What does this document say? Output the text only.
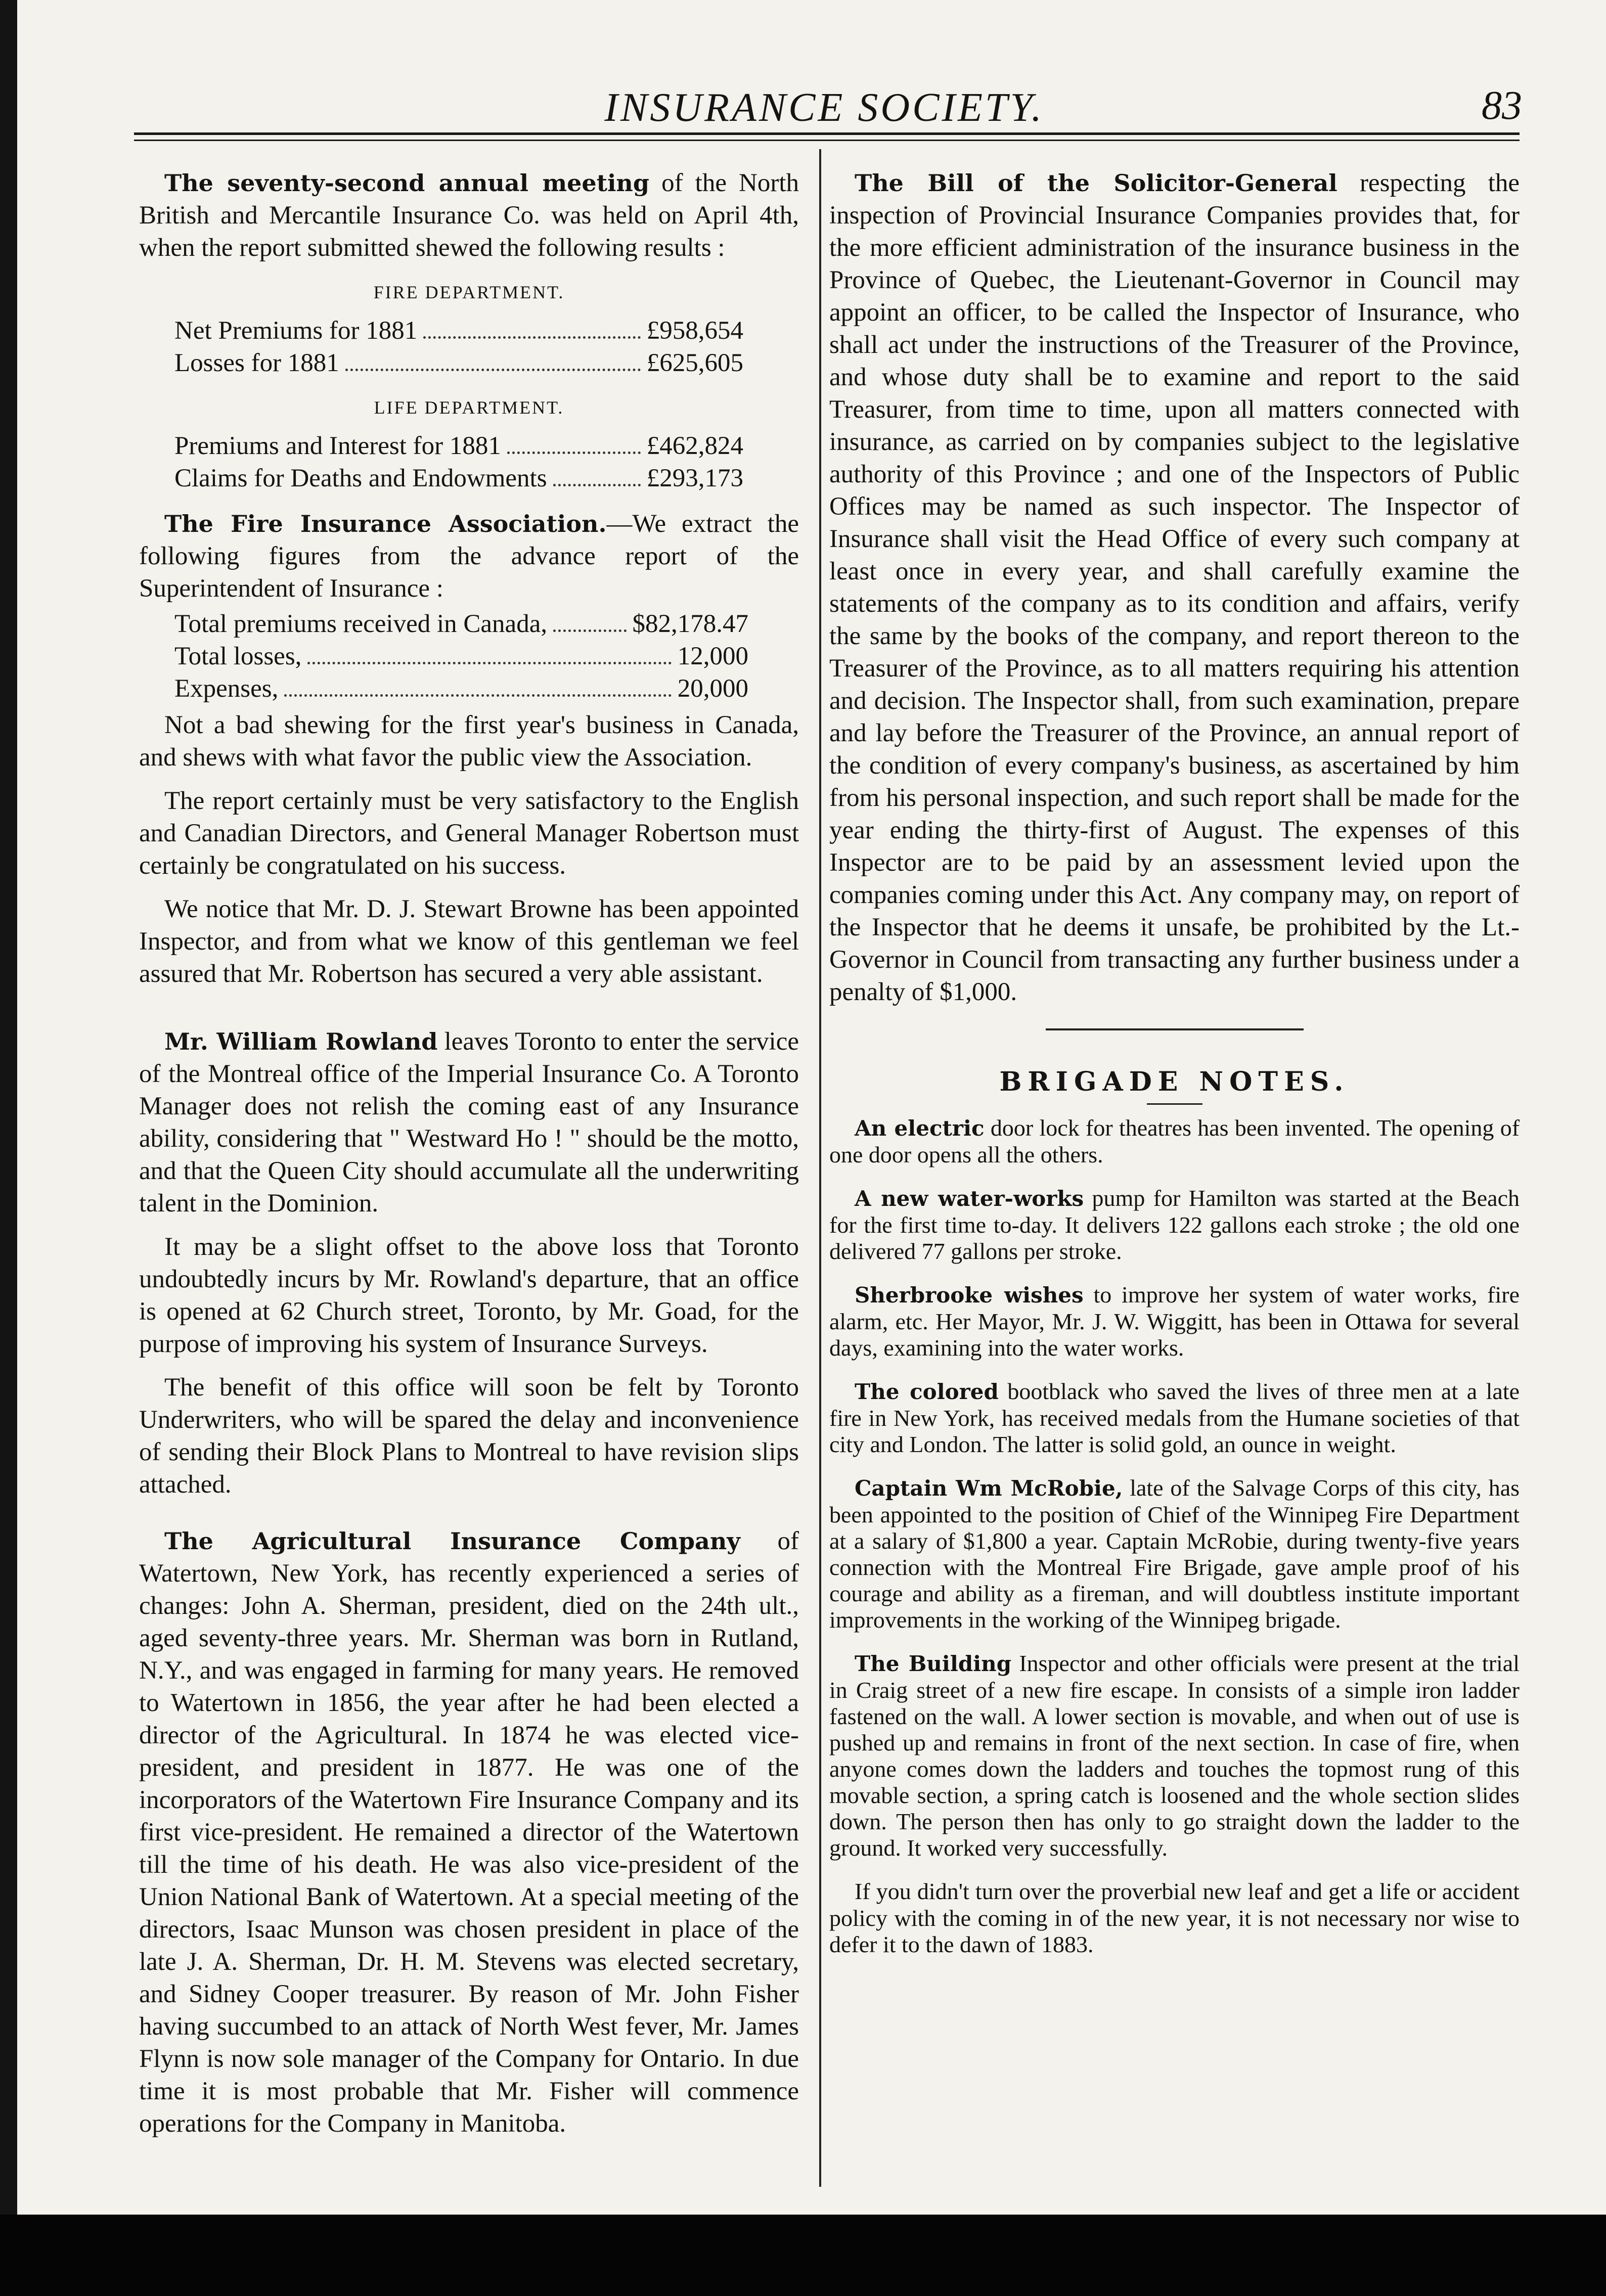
INSURANCE SOCIETY.	83

The seventy-second annual meeting of the North British and Mercantile Insurance Co. was held on April 4th, when the report submitted shewed the following results :

FIRE DEPARTMENT.
Net Premiums for 1881	£958,654
Losses for 1881	£625,605
LIFE DEPARTMENT.
Premiums and Interest for 1881	£462,824
Claims for Deaths and Endowments	£293,173

The Fire Insurance Association.—We extract the following figures from the advance report of the Superintendent of Insurance :

Total premiums received in Canada,	$82,178.47
Total losses,	12,000
Expenses,	20,000

Not a bad shewing for the first year's business in Canada, and shews with what favor the public view the Association.

The report certainly must be very satisfactory to the English and Canadian Directors, and General Manager Robertson must certainly be congratulated on his success.

We notice that Mr. D. J. Stewart Browne has been appointed Inspector, and from what we know of this gentleman we feel assured that Mr. Robertson has secured a very able assistant.

Mr. William Rowland leaves Toronto to enter the service of the Montreal office of the Imperial Insurance Co. A Toronto Manager does not relish the coming east of any Insurance ability, considering that " Westward Ho ! " should be the motto, and that the Queen City should accumulate all the underwriting talent in the Dominion.

It may be a slight offset to the above loss that Toronto undoubtedly incurs by Mr. Rowland's departure, that an office is opened at 62 Church street, Toronto, by Mr. Goad, for the purpose of improving his system of Insurance Surveys.

The benefit of this office will soon be felt by Toronto Underwriters, who will be spared the delay and inconvenience of sending their Block Plans to Montreal to have revision slips attached.

The Agricultural Insurance Company of Watertown, New York, has recently experienced a series of changes: John A. Sherman, president, died on the 24th ult., aged seventy-three years. Mr. Sherman was born in Rutland, N.Y., and was engaged in farming for many years. He removed to Watertown in 1856, the year after he had been elected a director of the Agricultural. In 1874 he was elected vice-president, and president in 1877. He was one of the incorporators of the Watertown Fire Insurance Company and its first vice-president. He remained a director of the Watertown till the time of his death. He was also vice-president of the Union National Bank of Watertown. At a special meeting of the directors, Isaac Munson was chosen president in place of the late J. A. Sherman, Dr. H. M. Stevens was elected secretary, and Sidney Cooper treasurer. By reason of Mr. John Fisher having succumbed to an attack of North West fever, Mr. James Flynn is now sole manager of the Company for Ontario. In due time it is most probable that Mr. Fisher will commence operations for the Company in Manitoba.

The Bill of the Solicitor-General respecting the inspection of Provincial Insurance Companies provides that, for the more efficient administration of the insurance business in the Province of Quebec, the Lieutenant-Governor in Council may appoint an officer, to be called the Inspector of Insurance, who shall act under the instructions of the Treasurer of the Province, and whose duty shall be to examine and report to the said Treasurer, from time to time, upon all matters connected with insurance, as carried on by companies subject to the legislative authority of this Province ; and one of the Inspectors of Public Offices may be named as such inspector. The Inspector of Insurance shall visit the Head Office of every such company at least once in every year, and shall carefully examine the statements of the company as to its condition and affairs, verify the same by the books of the company, and report thereon to the Treasurer of the Province, as to all matters requiring his attention and decision. The Inspector shall, from such examination, prepare and lay before the Treasurer of the Province, an annual report of the condition of every company's business, as ascertained by him from his personal inspection, and such report shall be made for the year ending the thirty-first of August. The expenses of this Inspector are to be paid by an assessment levied upon the companies coming under this Act. Any company may, on report of the Inspector that he deems it unsafe, be prohibited by the Lt.-Governor in Council from transacting any further business under a penalty of $1,000.

BRIGADE NOTES.

An electric door lock for theatres has been invented. The opening of one door opens all the others.

A new water-works pump for Hamilton was started at the Beach for the first time to-day. It delivers 122 gallons each stroke ; the old one delivered 77 gallons per stroke.

Sherbrooke wishes to improve her system of water works, fire alarm, etc. Her Mayor, Mr. J. W. Wiggitt, has been in Ottawa for several days, examining into the water works.

The colored bootblack who saved the lives of three men at a late fire in New York, has received medals from the Humane societies of that city and London. The latter is solid gold, an ounce in weight.

Captain Wm McRobie, late of the Salvage Corps of this city, has been appointed to the position of Chief of the Winnipeg Fire Department at a salary of $1,800 a year. Captain McRobie, during twenty-five years connection with the Montreal Fire Brigade, gave ample proof of his courage and ability as a fireman, and will doubtless institute important improvements in the working of the Winnipeg brigade.

The Building Inspector and other officials were present at the trial in Craig street of a new fire escape. In consists of a simple iron ladder fastened on the wall. A lower section is movable, and when out of use is pushed up and remains in front of the next section. In case of fire, when anyone comes down the ladders and touches the topmost rung of this movable section, a spring catch is loosened and the whole section slides down. The person then has only to go straight down the ladder to the ground. It worked very successfully.

If you didn't turn over the proverbial new leaf and get a life or accident policy with the coming in of the new year, it is not necessary nor wise to defer it to the dawn of 1883.
